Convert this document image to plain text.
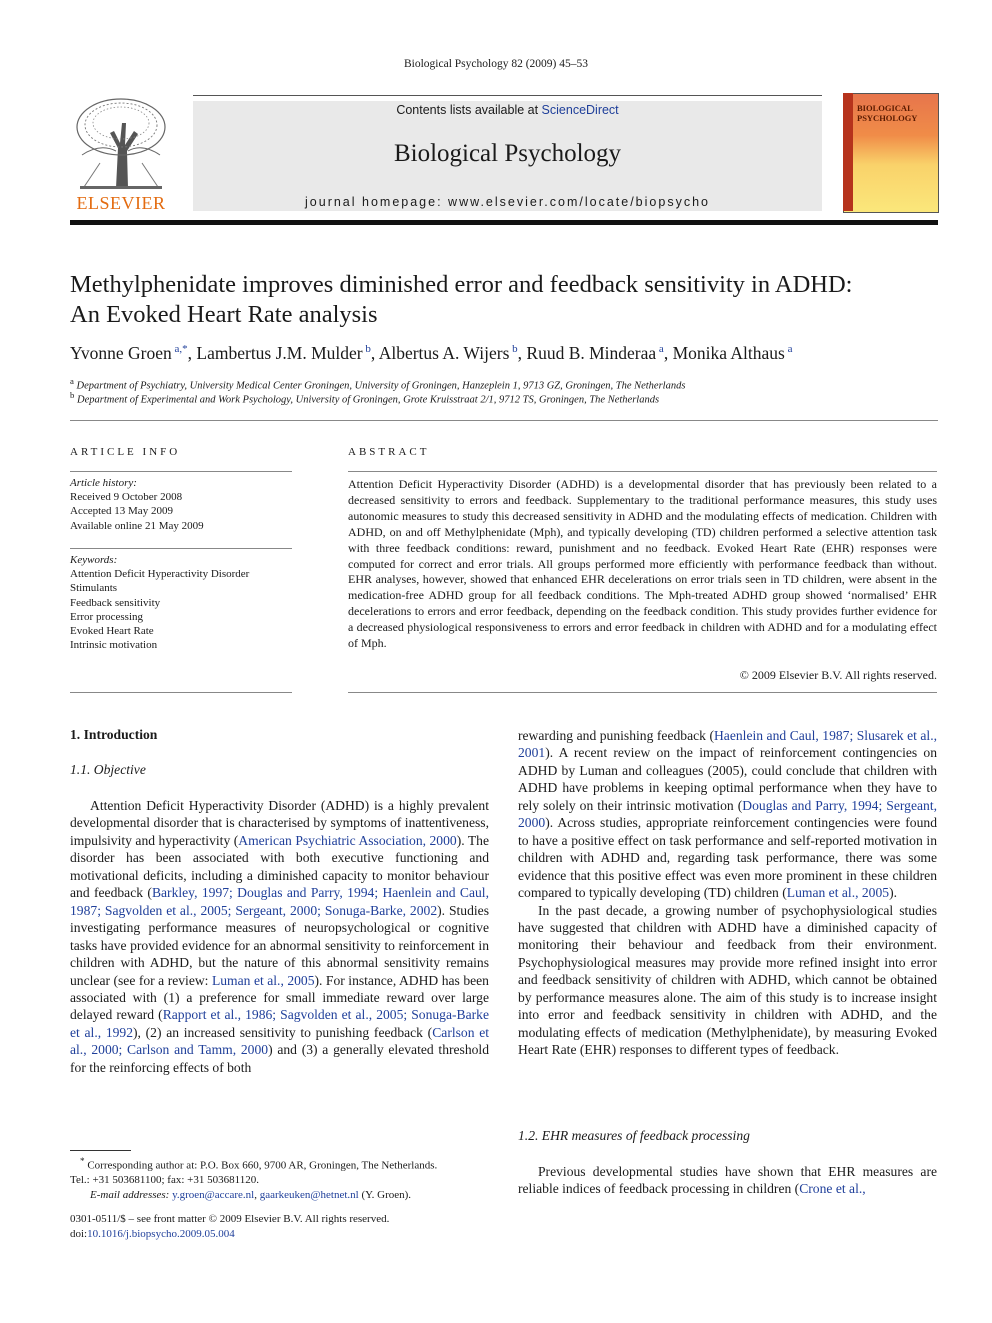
Biological Psychology 82 (2009) 45–53
ELSEVIER
Contents lists available at ScienceDirect
Biological Psychology
journal homepage: www.elsevier.com/locate/biopsycho
BIOLOGICAL
PSYCHOLOGY
Methylphenidate improves diminished error and feedback sensitivity in ADHD:
An Evoked Heart Rate analysis
Yvonne Groen $^{a,*}$, Lambertus J.M. Mulder $^b$, Albertus A. Wijers $^b$, Ruud B. Minderaa $^a$, Monika Althaus $^a$
$^a$ Department of Psychiatry, University Medical Center Groningen, University of Groningen, Hanzeplein 1, 9713 GZ, Groningen, The Netherlands
$^b$ Department of Experimental and Work Psychology, University of Groningen, Grote Kruisstraat 2/1, 9712 TS, Groningen, The Netherlands
ARTICLE INFO
Article history:
Received 9 October 2008
Accepted 13 May 2009
Available online 21 May 2009
Keywords:
Attention Deficit Hyperactivity Disorder
Stimulants
Feedback sensitivity
Error processing
Evoked Heart Rate
Intrinsic motivation
ABSTRACT
Attention Deficit Hyperactivity Disorder (ADHD) is a developmental disorder that has previously been related to a decreased sensitivity to errors and feedback. Supplementary to the traditional performance measures, this study uses autonomic measures to study this decreased sensitivity in ADHD and the modulating effects of medication. Children with ADHD, on and off Methylphenidate (Mph), and typically developing (TD) children performed a selective attention task with three feedback conditions: reward, punishment and no feedback. Evoked Heart Rate (EHR) responses were computed for correct and error trials. All groups performed more efficiently with performance feedback than without. EHR analyses, however, showed that enhanced EHR decelerations on error trials seen in TD children, were absent in the medication-free ADHD group for all feedback conditions. The Mph-treated ADHD group showed ‘normalised’ EHR decelerations to errors and error feedback, depending on the feedback condition. This study provides further evidence for a decreased physiological responsiveness to errors and error feedback in children with ADHD and for a modulating effect of Mph.
© 2009 Elsevier B.V. All rights reserved.
1. Introduction
1.1. Objective

Attention Deficit Hyperactivity Disorder (ADHD) is a highly prevalent developmental disorder that is characterised by symptoms of inattentiveness, impulsivity and hyperactivity (American Psychiatric Association, 2000). The disorder has been associated with both executive functioning and motivational deficits, including a diminished capacity to monitor behaviour and feedback (Barkley, 1997; Douglas and Parry, 1994; Haenlein and Caul, 1987; Sagvolden et al., 2005; Sergeant, 2000; Sonuga-Barke, 2002). Studies investigating performance measures of neuropsychological or cognitive tasks have provided evidence for an abnormal sensitivity to reinforcement in children with ADHD, but the nature of this abnormal sensitivity remains unclear (see for a review: Luman et al., 2005). For instance, ADHD has been associated with (1) a preference for small immediate reward over large delayed reward (Rapport et al., 1986; Sagvolden et al., 2005; Sonuga-Barke et al., 1992), (2) an increased sensitivity to punishing feedback (Carlson et al., 2000; Carlson and Tamm, 2000) and (3) a generally elevated threshold for the reinforcing effects of both

* Corresponding author at: P.O. Box 660, 9700 AR, Groningen, The Netherlands.
Tel.: +31 503681100; fax: +31 503681120.
E-mail addresses: y.groen@accare.nl, gaarkeuken@hetnet.nl (Y. Groen).
0301-0511/$ – see front matter © 2009 Elsevier B.V. All rights reserved.
doi:10.1016/j.biopsycho.2009.05.004

rewarding and punishing feedback (Haenlein and Caul, 1987; Slusarek et al., 2001). A recent review on the impact of reinforcement contingencies on ADHD by Luman and colleagues (2005), could conclude that children with ADHD have problems in keeping optimal performance when they have to rely solely on their intrinsic motivation (Douglas and Parry, 1994; Sergeant, 2000). Across studies, appropriate reinforcement contingencies were found to have a positive effect on task performance and self-reported motivation in children with ADHD and, regarding task performance, there was some evidence that this positive effect was even more prominent in these children compared to typically developing (TD) children (Luman et al., 2005).

In the past decade, a growing number of psychophysiological studies have suggested that children with ADHD have a diminished capacity of monitoring their behaviour and feedback from their environment. Psychophysiological measures may provide more refined insight into error and feedback sensitivity of children with ADHD, which cannot be obtained by performance measures alone. The aim of this study is to increase insight into error and feedback sensitivity in children with ADHD, and the modulating effects of medication (Methylphenidate), by measuring Evoked Heart Rate (EHR) responses to different types of feedback.

1.2. EHR measures of feedback processing

Previous developmental studies have shown that EHR measures are reliable indices of feedback processing in children (Crone et al.,
